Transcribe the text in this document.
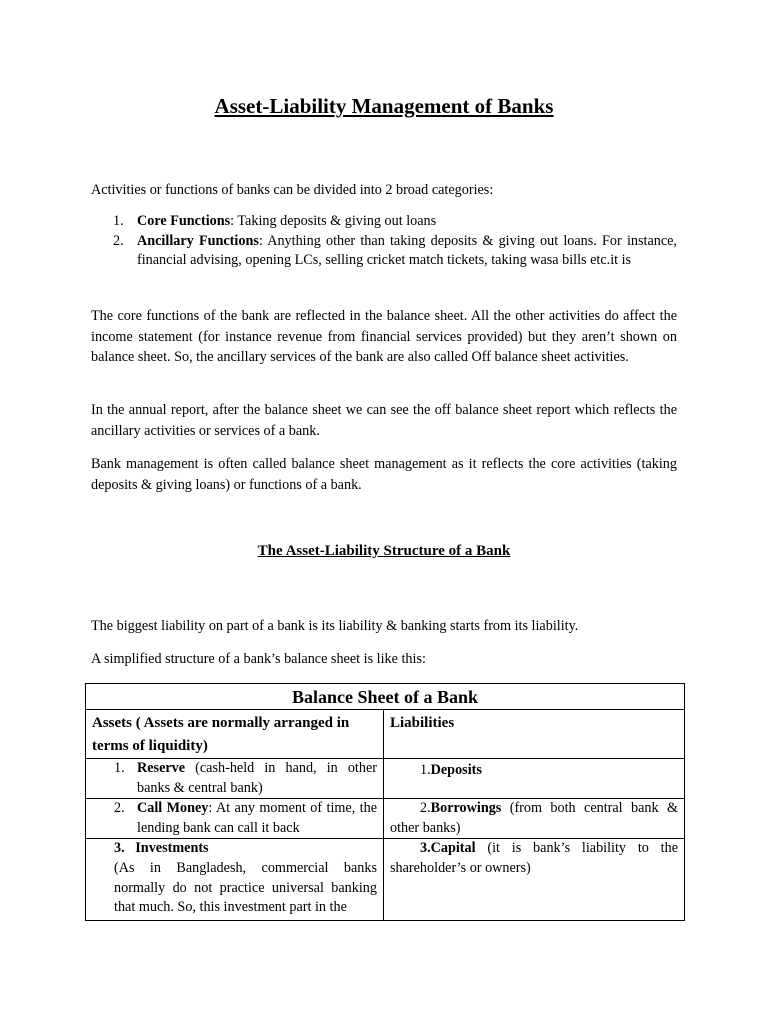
Asset-Liability Management of Banks

Activities or functions of banks can be divided into 2 broad categories:

1. Core Functions: Taking deposits & giving out loans
2. Ancillary Functions: Anything other than taking deposits & giving out loans. For instance, financial advising, opening LCs, selling cricket match tickets, taking wasa bills etc.it is

The core functions of the bank are reflected in the balance sheet. All the other activities do affect the income statement (for instance revenue from financial services provided) but they aren’t shown on balance sheet. So, the ancillary services of the bank are also called Off balance sheet activities.

In the annual report, after the balance sheet we can see the off balance sheet report which reflects the ancillary activities or services of a bank.

Bank management is often called balance sheet management as it reflects the core activities (taking deposits & giving loans) or functions of a bank.

The Asset-Liability Structure of a Bank

The biggest liability on part of a bank is its liability & banking starts from its liability.

A simplified structure of a bank’s balance sheet is like this:

Balance Sheet of a Bank	
Assets ( Assets are normally arranged in terms of liquidity)	Liabilities

1. Reserve (cash-held in hand, in other banks & central bank)	1.Deposits

2. Call Money: At any moment of time, the lending bank can call it back	2.Borrowings (from both central bank & other banks)

3. Investments
(As in Bangladesh, commercial banks normally do not practice universal banking that much. So, this investment part in the	3.Capital (it is bank’s liability to the shareholder’s or owners)
